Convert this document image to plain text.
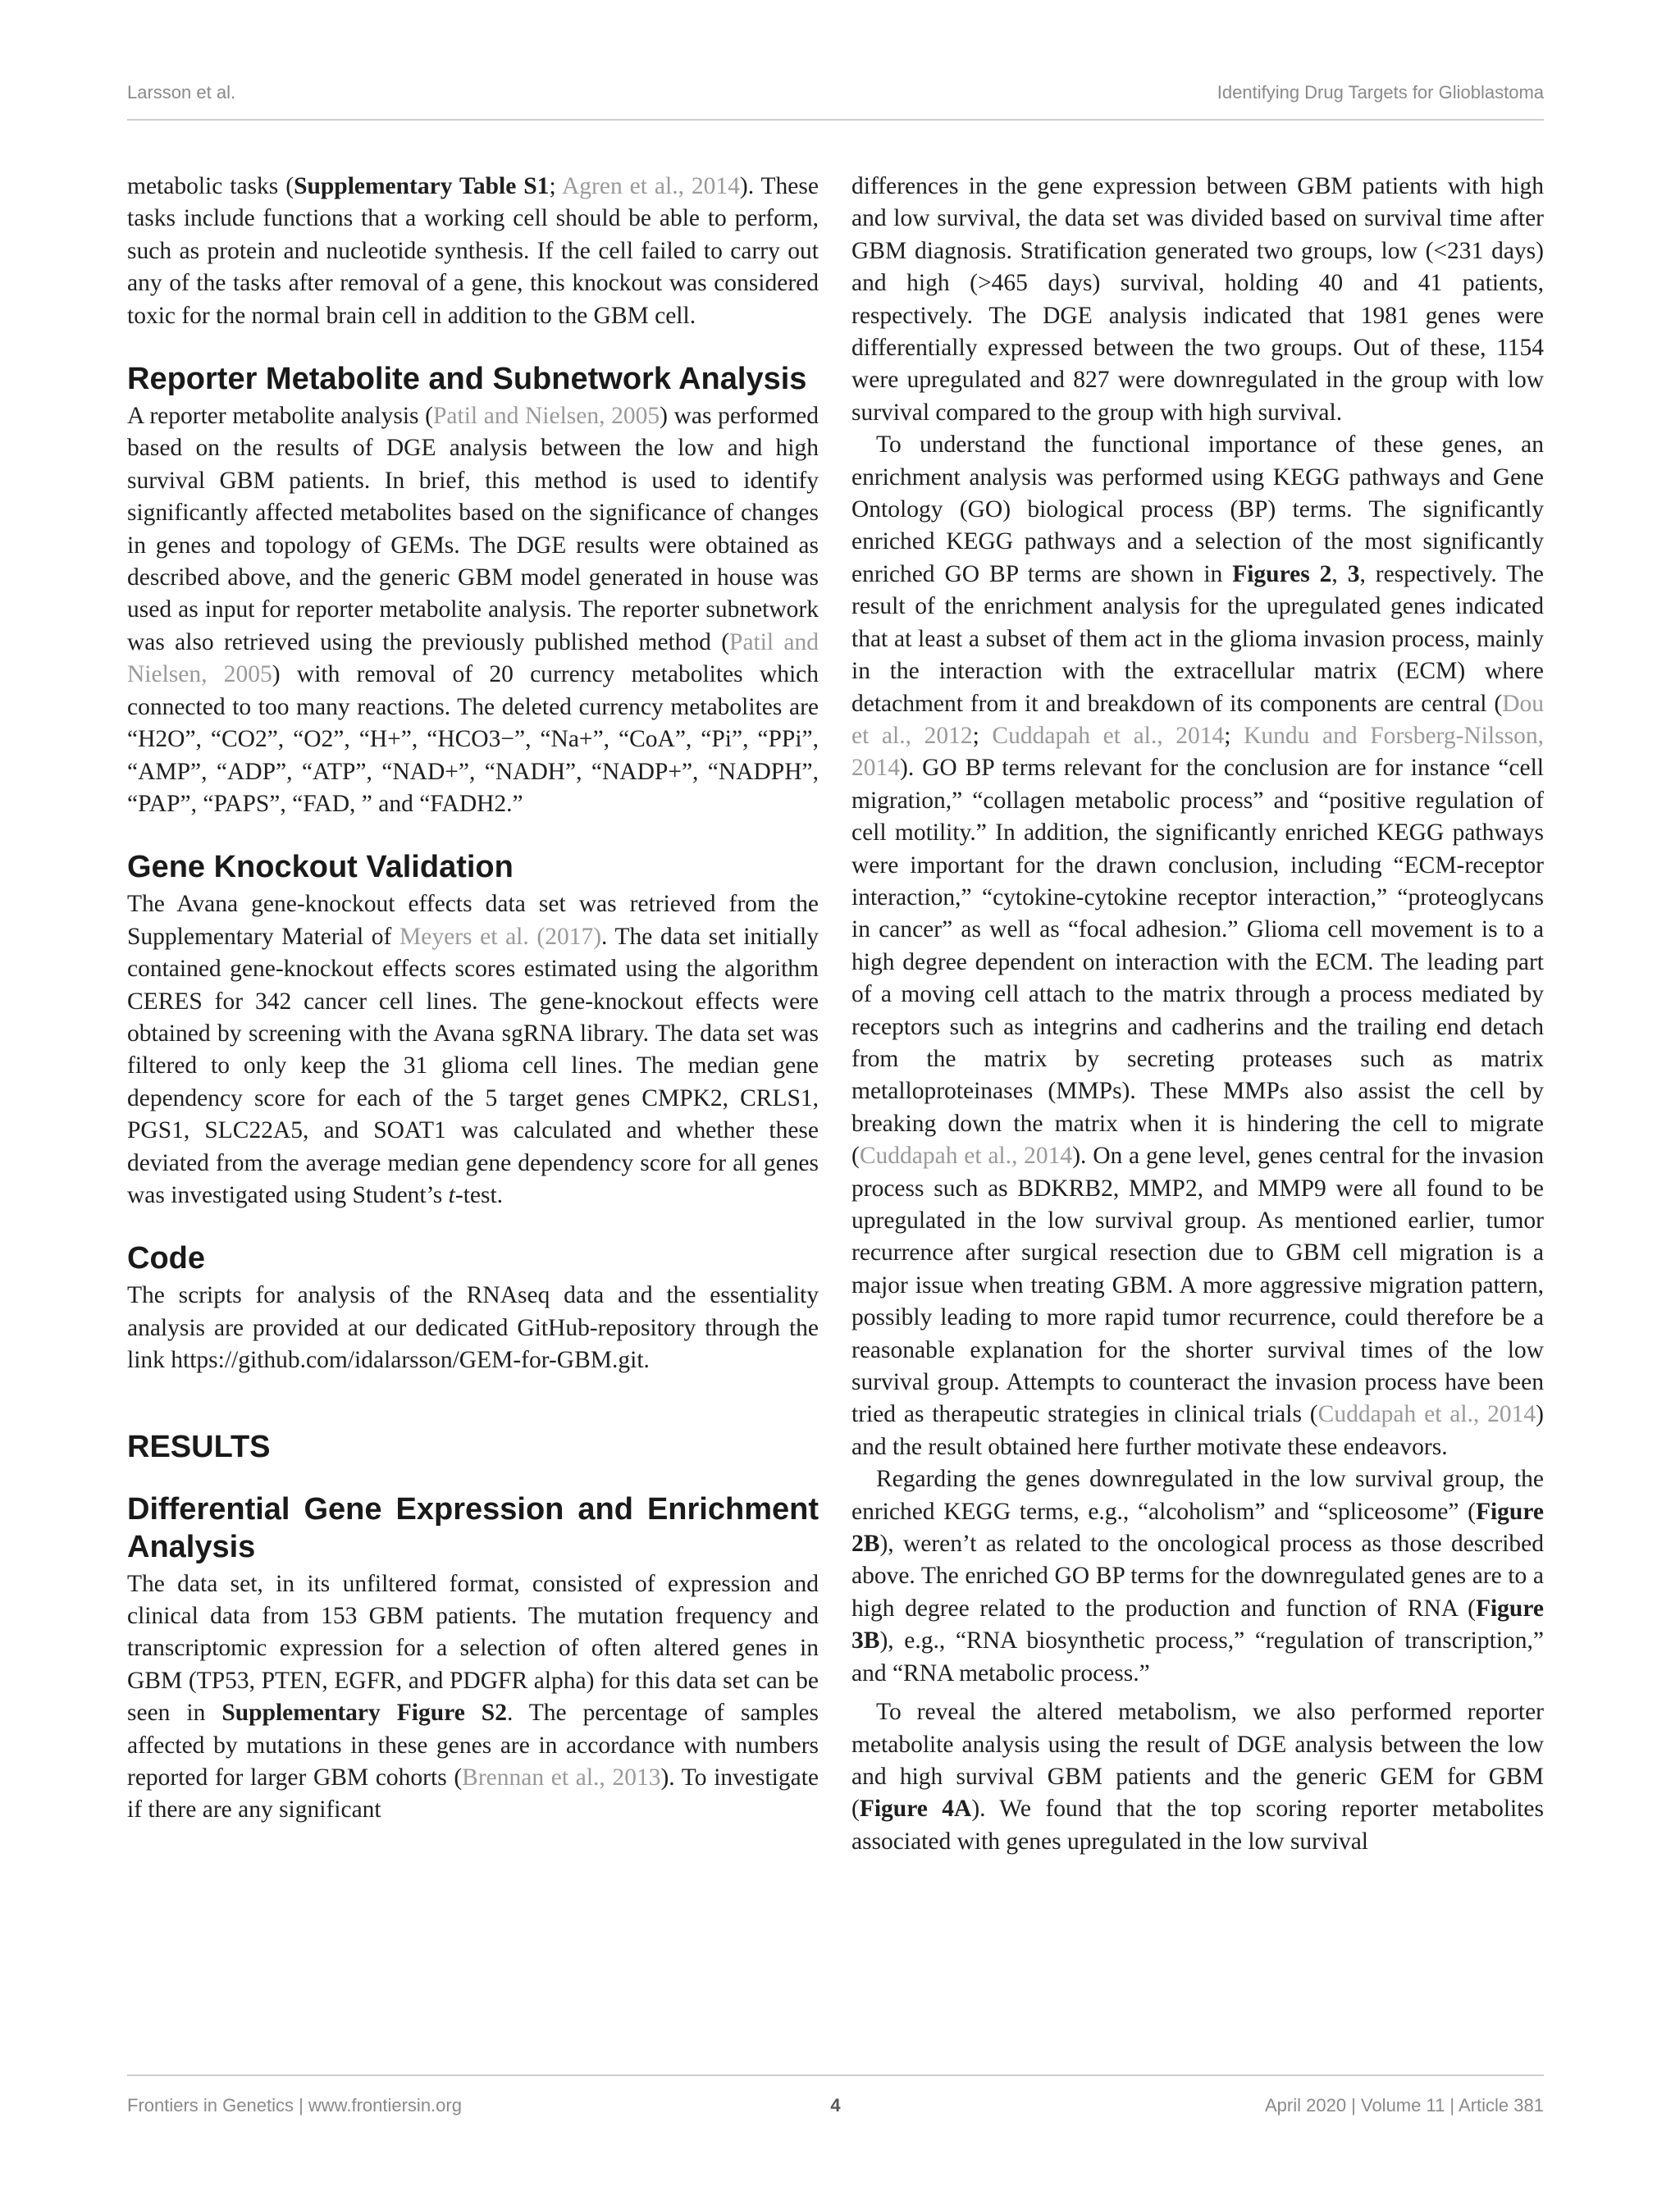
Larsson et al.	Identifying Drug Targets for Glioblastoma

metabolic tasks (Supplementary Table S1; Agren et al., 2014). These tasks include functions that a working cell should be able to perform, such as protein and nucleotide synthesis. If the cell failed to carry out any of the tasks after removal of a gene, this knockout was considered toxic for the normal brain cell in addition to the GBM cell.

Reporter Metabolite and Subnetwork Analysis

A reporter metabolite analysis (Patil and Nielsen, 2005) was performed based on the results of DGE analysis between the low and high survival GBM patients. In brief, this method is used to identify significantly affected metabolites based on the significance of changes in genes and topology of GEMs. The DGE results were obtained as described above, and the generic GBM model generated in house was used as input for reporter metabolite analysis. The reporter subnetwork was also retrieved using the previously published method (Patil and Nielsen, 2005) with removal of 20 currency metabolites which connected to too many reactions. The deleted currency metabolites are “H2O”, “CO2”, “O2”, “H+”, “HCO3−”, “Na+”, “CoA”, “Pi”, “PPi”, “AMP”, “ADP”, “ATP”, “NAD+”, “NADH”, “NADP+”, “NADPH”, “PAP”, “PAPS”, “FAD, ” and “FADH2.”

Gene Knockout Validation

The Avana gene-knockout effects data set was retrieved from the Supplementary Material of Meyers et al. (2017). The data set initially contained gene-knockout effects scores estimated using the algorithm CERES for 342 cancer cell lines. The gene-knockout effects were obtained by screening with the Avana sgRNA library. The data set was filtered to only keep the 31 glioma cell lines. The median gene dependency score for each of the 5 target genes CMPK2, CRLS1, PGS1, SLC22A5, and SOAT1 was calculated and whether these deviated from the average median gene dependency score for all genes was investigated using Student’s t-test.

Code

The scripts for analysis of the RNAseq data and the essentiality analysis are provided at our dedicated GitHub-repository through the link https://github.com/idalarsson/GEM-for-GBM.git.

RESULTS
Differential Gene Expression and Enrichment Analysis

The data set, in its unfiltered format, consisted of expression and clinical data from 153 GBM patients. The mutation frequency and transcriptomic expression for a selection of often altered genes in GBM (TP53, PTEN, EGFR, and PDGFR alpha) for this data set can be seen in Supplementary Figure S2. The percentage of samples affected by mutations in these genes are in accordance with numbers reported for larger GBM cohorts (Brennan et al., 2013). To investigate if there are any significant

differences in the gene expression between GBM patients with high and low survival, the data set was divided based on survival time after GBM diagnosis. Stratification generated two groups, low (<231 days) and high (>465 days) survival, holding 40 and 41 patients, respectively. The DGE analysis indicated that 1981 genes were differentially expressed between the two groups. Out of these, 1154 were upregulated and 827 were downregulated in the group with low survival compared to the group with high survival.

To understand the functional importance of these genes, an enrichment analysis was performed using KEGG pathways and Gene Ontology (GO) biological process (BP) terms. The significantly enriched KEGG pathways and a selection of the most significantly enriched GO BP terms are shown in Figures 2, 3, respectively. The result of the enrichment analysis for the upregulated genes indicated that at least a subset of them act in the glioma invasion process, mainly in the interaction with the extracellular matrix (ECM) where detachment from it and breakdown of its components are central (Dou et al., 2012; Cuddapah et al., 2014; Kundu and Forsberg-Nilsson, 2014). GO BP terms relevant for the conclusion are for instance “cell migration,” “collagen metabolic process” and “positive regulation of cell motility.” In addition, the significantly enriched KEGG pathways were important for the drawn conclusion, including “ECM-receptor interaction,” “cytokine-cytokine receptor interaction,” “proteoglycans in cancer” as well as “focal adhesion.” Glioma cell movement is to a high degree dependent on interaction with the ECM. The leading part of a moving cell attach to the matrix through a process mediated by receptors such as integrins and cadherins and the trailing end detach from the matrix by secreting proteases such as matrix metalloproteinases (MMPs). These MMPs also assist the cell by breaking down the matrix when it is hindering the cell to migrate (Cuddapah et al., 2014). On a gene level, genes central for the invasion process such as BDKRB2, MMP2, and MMP9 were all found to be upregulated in the low survival group. As mentioned earlier, tumor recurrence after surgical resection due to GBM cell migration is a major issue when treating GBM. A more aggressive migration pattern, possibly leading to more rapid tumor recurrence, could therefore be a reasonable explanation for the shorter survival times of the low survival group. Attempts to counteract the invasion process have been tried as therapeutic strategies in clinical trials (Cuddapah et al., 2014) and the result obtained here further motivate these endeavors.

Regarding the genes downregulated in the low survival group, the enriched KEGG terms, e.g., “alcoholism” and “spliceosome” (Figure 2B), weren’t as related to the oncological process as those described above. The enriched GO BP terms for the downregulated genes are to a high degree related to the production and function of RNA (Figure 3B), e.g., “RNA biosynthetic process,” “regulation of transcription,” and “RNA metabolic process.”

To reveal the altered metabolism, we also performed reporter metabolite analysis using the result of DGE analysis between the low and high survival GBM patients and the generic GEM for GBM (Figure 4A). We found that the top scoring reporter metabolites associated with genes upregulated in the low survival

Frontiers in Genetics | www.frontiersin.org	4	April 2020 | Volume 11 | Article 381
